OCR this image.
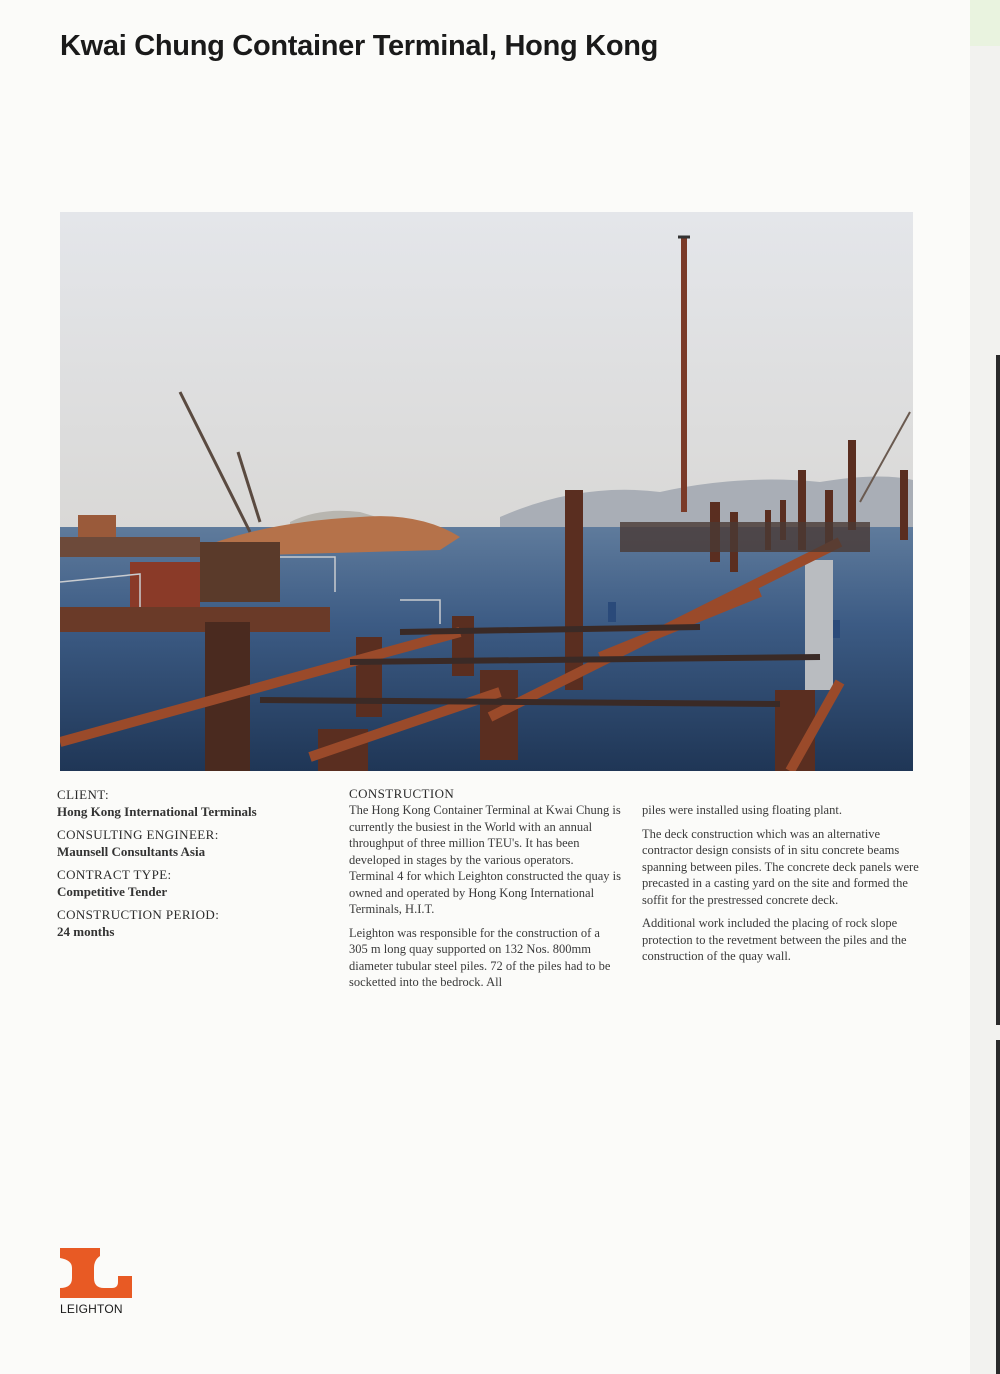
Kwai Chung Container Terminal, Hong Kong
CLIENT:
Hong Kong International Terminals
CONSULTING ENGINEER:
Maunsell Consultants Asia
CONTRACT TYPE:
Competitive Tender
CONSTRUCTION PERIOD:
24 months

CONSTRUCTION

The Hong Kong Container Terminal at Kwai Chung is currently the busiest in the World with an annual throughput of three million TEU's. It has been developed in stages by the various operators. Terminal 4 for which Leighton constructed the quay is owned and operated by Hong Kong International Terminals, H.I.T.

Leighton was responsible for the construction of a 305 m long quay supported on 132 Nos. 800mm diameter tubular steel piles. 72 of the piles had to be socketted into the bedrock. All

piles were installed using floating plant.

The deck construction which was an alternative contractor design consists of in situ concrete beams spanning between piles. The concrete deck panels were precasted in a casting yard on the site and formed the soffit for the prestressed concrete deck.

Additional work included the placing of rock slope protection to the revetment between the piles and the construction of the quay wall.

LEIGHTON
